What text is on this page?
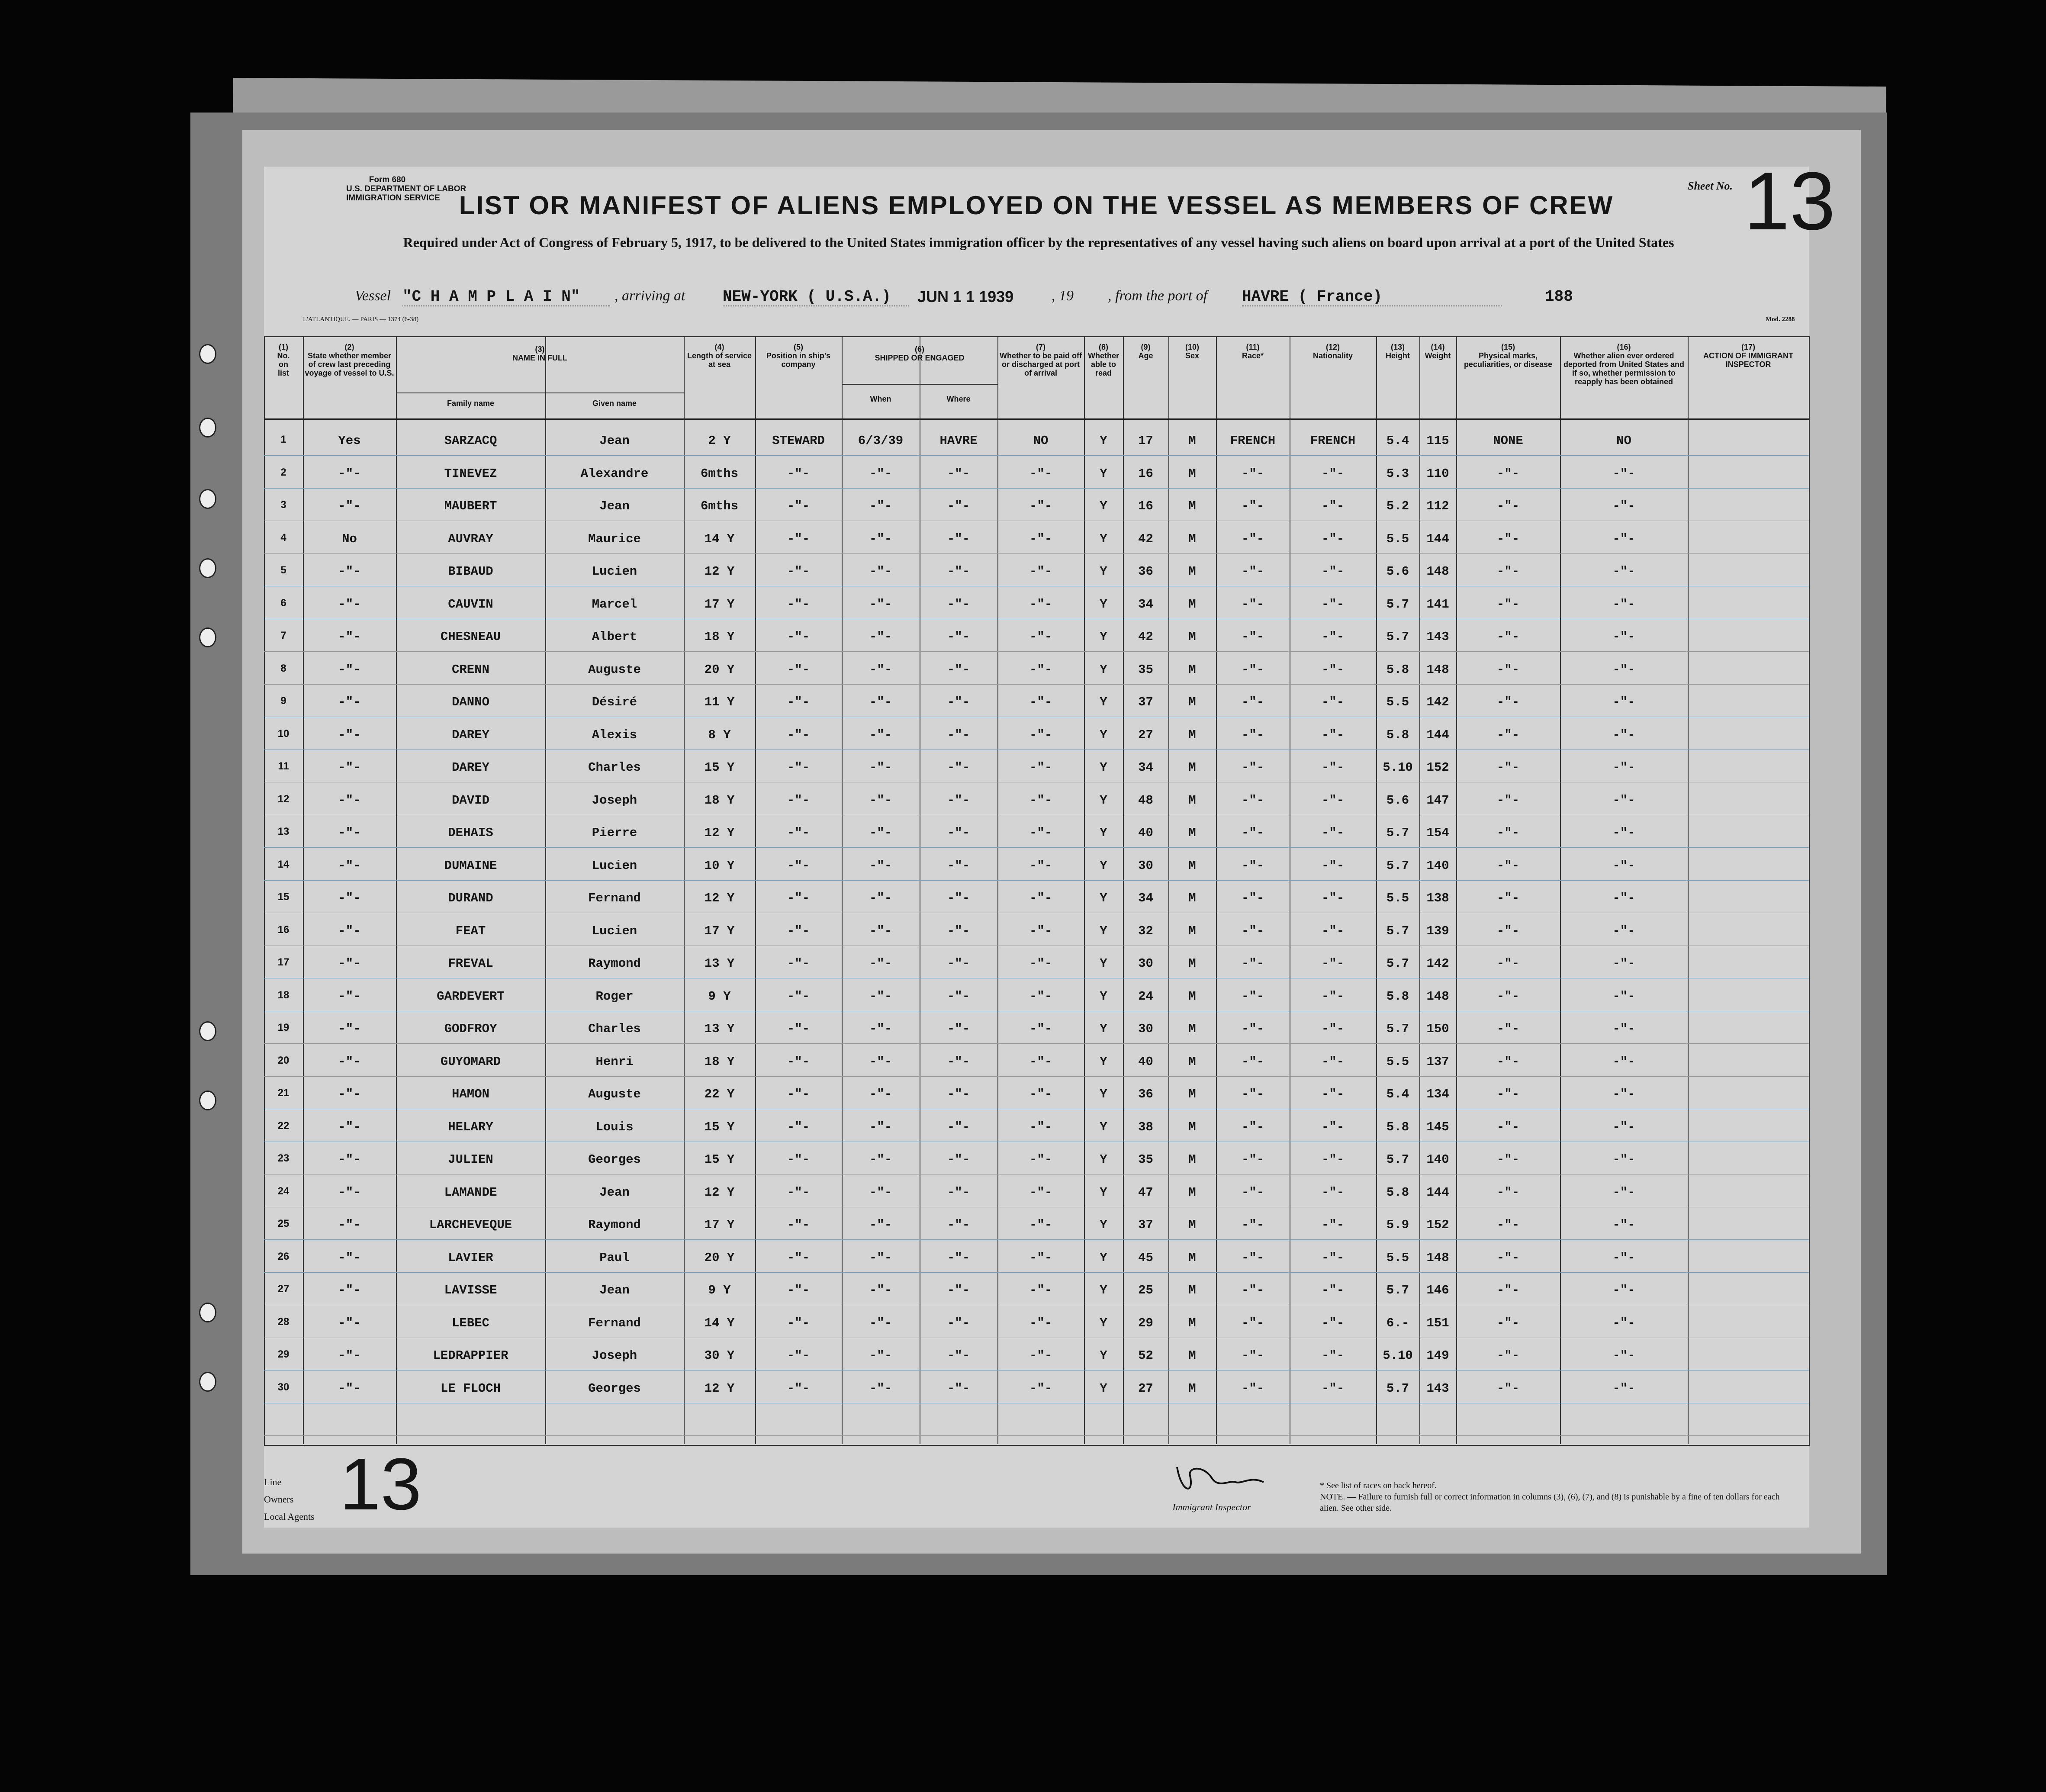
Form 680
U.S. DEPARTMENT OF LABOR
IMMIGRATION SERVICE
Sheet No. 13
LIST OR MANIFEST OF ALIENS EMPLOYED ON THE VESSEL AS MEMBERS OF CREW
Required under Act of Congress of February 5, 1917, to be delivered to the United States immigration officer by the representatives of any vessel having such aliens on board upon arrival at a port of the United States
Vessel "C H A M P L A I N"	, arriving at NEW-YORK ( U.S.A.)	JUN 1 1 1939	, 19 , from the port of HAVRE ( France)	188
L'ATLANTIQUE. — PARIS — 1374 (6-38)	Mod. 2288
(1)
No.
on
list
(2)
State whether member of crew last preceding voyage of vessel to U.S.
(3)
NAME IN FULL
Family name	Given name
(4)
Length of service at sea
(5)
Position in ship's company
(6)
SHIPPED OR ENGAGED
When	Where
(7)
Whether to be paid off or discharged at port of arrival
(8)
Whether able to read
(9)
Age
(10)
Sex
(11)
Race*
(12)
Nationality
(13)
Height
(14)
Weight
(15)
Physical marks, peculiarities, or disease
(16)
Whether alien ever ordered deported from United States and if so, whether permission to reapply has been obtained
(17)
ACTION OF IMMIGRANT INSPECTOR
1	Yes	SARZACQ	Jean	2 Y	STEWARD	6/3/39	HAVRE	NO	Y	17	M	FRENCH	FRENCH	5.4	115	NONE	NO
2	-"-	TINEVEZ	Alexandre	6mths	-"-	-"-	-"-	-"-	Y	16	M	-"-	-"-	5.3	110	-"-	-"-
3	-"-	MAUBERT	Jean	6mths	-"-	-"-	-"-	-"-	Y	16	M	-"-	-"-	5.2	112	-"-	-"-
4	No	AUVRAY	Maurice	14 Y	-"-	-"-	-"-	-"-	Y	42	M	-"-	-"-	5.5	144	-"-	-"-
5	-"-	BIBAUD	Lucien	12 Y	-"-	-"-	-"-	-"-	Y	36	M	-"-	-"-	5.6	148	-"-	-"-
6	-"-	CAUVIN	Marcel	17 Y	-"-	-"-	-"-	-"-	Y	34	M	-"-	-"-	5.7	141	-"-	-"-
7	-"-	CHESNEAU	Albert	18 Y	-"-	-"-	-"-	-"-	Y	42	M	-"-	-"-	5.7	143	-"-	-"-
8	-"-	CRENN	Auguste	20 Y	-"-	-"-	-"-	-"-	Y	35	M	-"-	-"-	5.8	148	-"-	-"-
9	-"-	DANNO	Désiré	11 Y	-"-	-"-	-"-	-"-	Y	37	M	-"-	-"-	5.5	142	-"-	-"-
10	-"-	DAREY	Alexis	8 Y	-"-	-"-	-"-	-"-	Y	27	M	-"-	-"-	5.8	144	-"-	-"-
11	-"-	DAREY	Charles	15 Y	-"-	-"-	-"-	-"-	Y	34	M	-"-	-"-	5.10	152	-"-	-"-
12	-"-	DAVID	Joseph	18 Y	-"-	-"-	-"-	-"-	Y	48	M	-"-	-"-	5.6	147	-"-	-"-
13	-"-	DEHAIS	Pierre	12 Y	-"-	-"-	-"-	-"-	Y	40	M	-"-	-"-	5.7	154	-"-	-"-
14	-"-	DUMAINE	Lucien	10 Y	-"-	-"-	-"-	-"-	Y	30	M	-"-	-"-	5.7	140	-"-	-"-
15	-"-	DURAND	Fernand	12 Y	-"-	-"-	-"-	-"-	Y	34	M	-"-	-"-	5.5	138	-"-	-"-
16	-"-	FEAT	Lucien	17 Y	-"-	-"-	-"-	-"-	Y	32	M	-"-	-"-	5.7	139	-"-	-"-
17	-"-	FREVAL	Raymond	13 Y	-"-	-"-	-"-	-"-	Y	30	M	-"-	-"-	5.7	142	-"-	-"-
18	-"-	GARDEVERT	Roger	9 Y	-"-	-"-	-"-	-"-	Y	24	M	-"-	-"-	5.8	148	-"-	-"-
19	-"-	GODFROY	Charles	13 Y	-"-	-"-	-"-	-"-	Y	30	M	-"-	-"-	5.7	150	-"-	-"-
20	-"-	GUYOMARD	Henri	18 Y	-"-	-"-	-"-	-"-	Y	40	M	-"-	-"-	5.5	137	-"-	-"-
21	-"-	HAMON	Auguste	22 Y	-"-	-"-	-"-	-"-	Y	36	M	-"-	-"-	5.4	134	-"-	-"-
22	-"-	HELARY	Louis	15 Y	-"-	-"-	-"-	-"-	Y	38	M	-"-	-"-	5.8	145	-"-	-"-
23	-"-	JULIEN	Georges	15 Y	-"-	-"-	-"-	-"-	Y	35	M	-"-	-"-	5.7	140	-"-	-"-
24	-"-	LAMANDE	Jean	12 Y	-"-	-"-	-"-	-"-	Y	47	M	-"-	-"-	5.8	144	-"-	-"-
25	-"-	LARCHEVEQUE	Raymond	17 Y	-"-	-"-	-"-	-"-	Y	37	M	-"-	-"-	5.9	152	-"-	-"-
26	-"-	LAVIER	Paul	20 Y	-"-	-"-	-"-	-"-	Y	45	M	-"-	-"-	5.5	148	-"-	-"-
27	-"-	LAVISSE	Jean	9 Y	-"-	-"-	-"-	-"-	Y	25	M	-"-	-"-	5.7	146	-"-	-"-
28	-"-	LEBEC	Fernand	14 Y	-"-	-"-	-"-	-"-	Y	29	M	-"-	-"-	6.-	151	-"-	-"-
29	-"-	LEDRAPPIER	Joseph	30 Y	-"-	-"-	-"-	-"-	Y	52	M	-"-	-"-	5.10	149	-"-	-"-
30	-"-	LE FLOCH	Georges	12 Y	-"-	-"-	-"-	-"-	Y	27	M	-"-	-"-	5.7	143	-"-	-"-
13
Line
Owners
Local Agents
Immigrant Inspector
* See list of races on back hereof.
NOTE. — Failure to furnish full or correct information in columns (3), (6), (7), and (8) is punishable by a fine of ten dollars for each alien. See other side.
